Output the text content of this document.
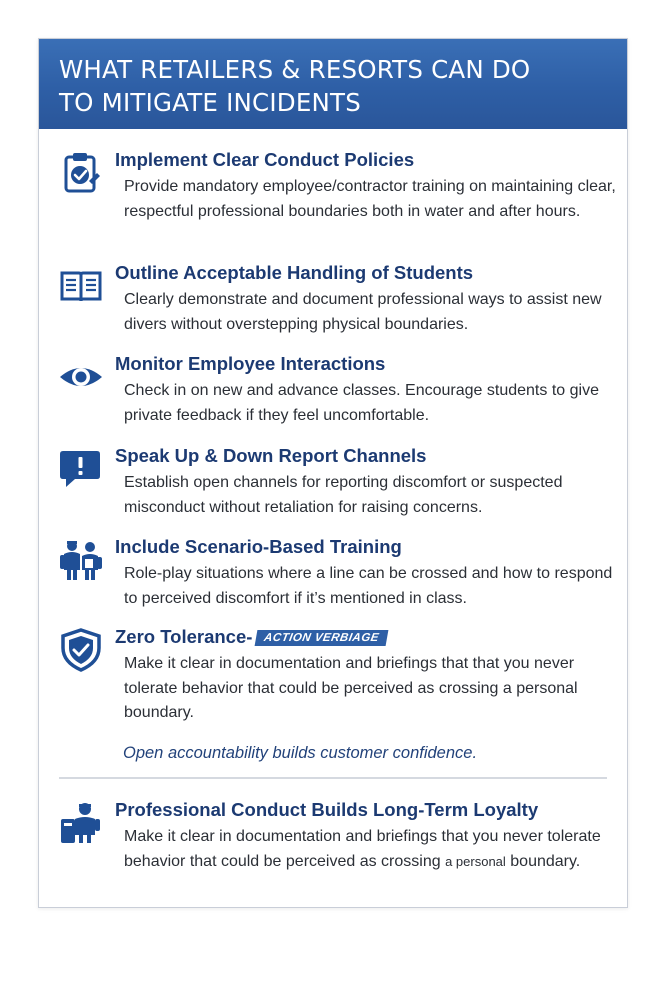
WHAT RETAILERS & RESORTS CAN DO
TO MITIGATE INCIDENTS
Implement Clear Conduct Policies
Provide mandatory employee/contractor training on maintaining clear, respectful professional boundaries both in water and after hours.
Outline Acceptable Handling of Students
Clearly demonstrate and document professional ways to assist new divers without overstepping physical boundaries.
Monitor Employee Interactions
Check in on new and advance classes. Encourage students to give private feedback if they feel uncomfortable.
Speak Up & Down Report Channels
Establish open channels for reporting discomfort or suspected misconduct without retaliation for raising concerns.
Include Scenario-Based Training
Role-play situations where a line can be crossed and how to respond to perceived discomfort if it’s mentioned in class.
Zero Tolerance- ACTION VERBIAGE
Make it clear in documentation and briefings that that you never tolerate behavior that could be perceived as crossing a personal boundary.
Open accountability builds customer confidence.
Professional Conduct Builds Long-Term Loyalty
Make it clear in documentation and briefings that you never tolerate behavior that could be perceived as crossing a personal boundary.
